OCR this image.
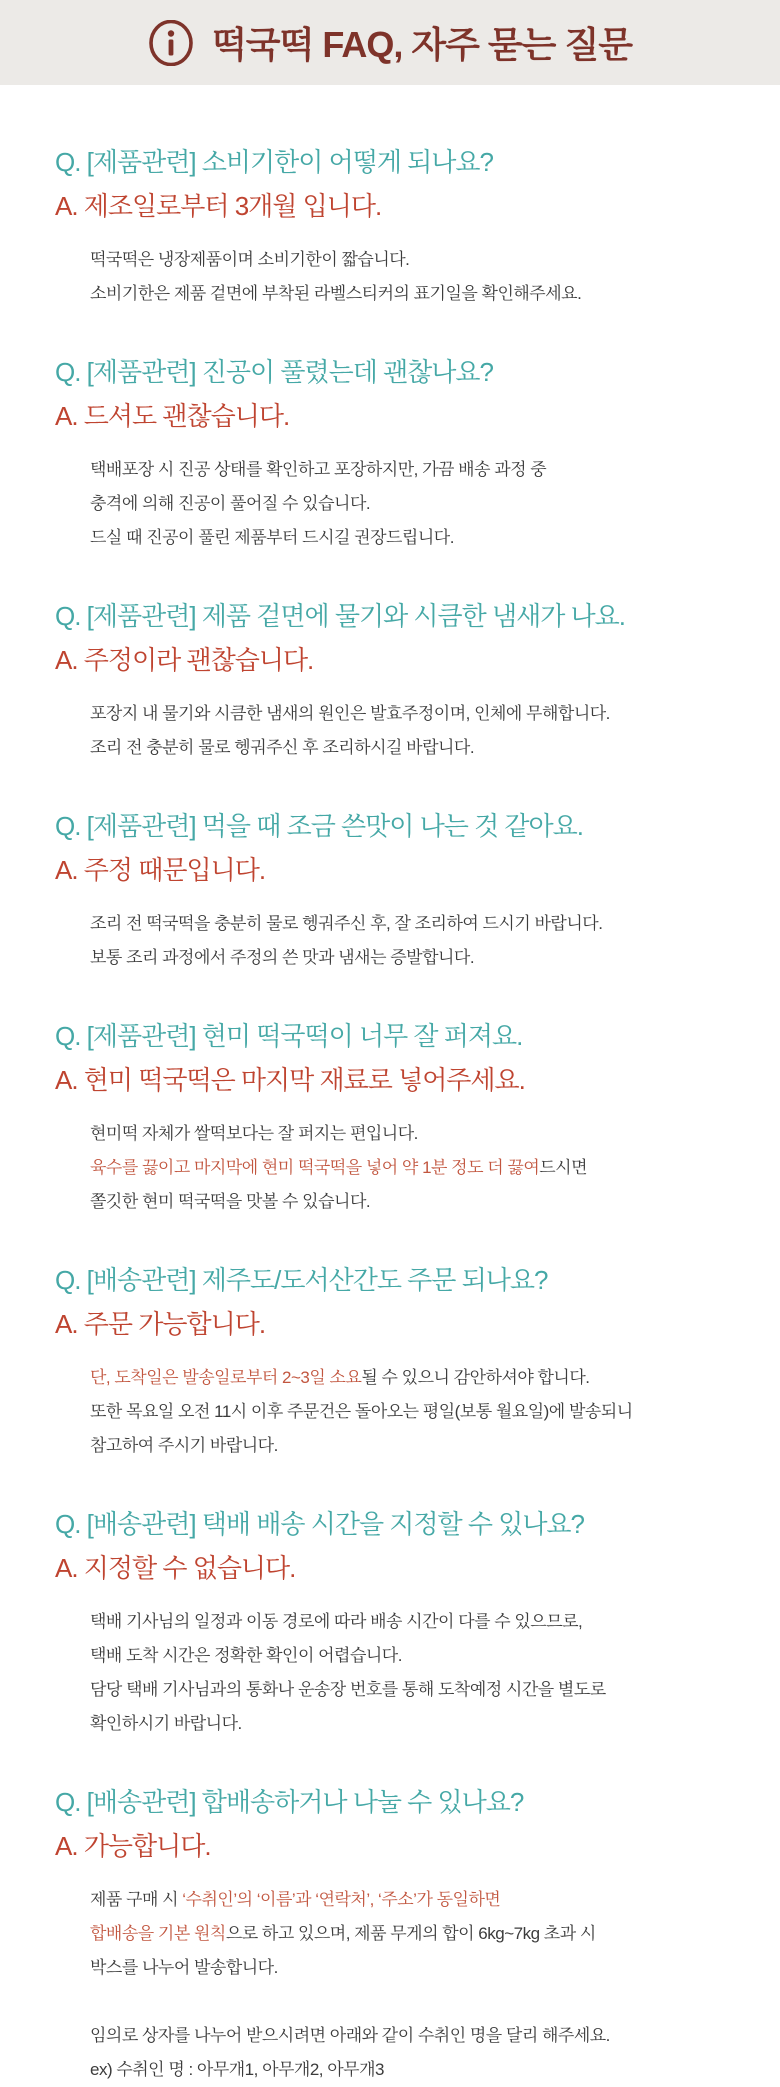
떡국떡 FAQ, 자주 묻는 질문
Q. [제품관련] 소비기한이 어떻게 되나요?
A. 제조일로부터 3개월 입니다.
떡국떡은 냉장제품이며 소비기한이 짧습니다.
소비기한은 제품 겉면에 부착된 라벨스티커의 표기일을 확인해주세요.
Q. [제품관련] 진공이 풀렸는데 괜찮나요?
A. 드셔도 괜찮습니다.
택배포장 시 진공 상태를 확인하고 포장하지만, 가끔 배송 과정 중
충격에 의해 진공이 풀어질 수 있습니다.
드실 때 진공이 풀린 제품부터 드시길 권장드립니다.
Q. [제품관련] 제품 겉면에 물기와 시큼한 냄새가 나요.
A. 주정이라 괜찮습니다.
포장지 내 물기와 시큼한 냄새의 원인은 발효주정이며, 인체에 무해합니다.
조리 전 충분히 물로 헹궈주신 후 조리하시길 바랍니다.
Q. [제품관련] 먹을 때 조금 쓴맛이 나는 것 같아요.
A. 주정 때문입니다.
조리 전 떡국떡을 충분히 물로 헹궈주신 후, 잘 조리하여 드시기 바랍니다.
보통 조리 과정에서 주정의 쓴 맛과 냄새는 증발합니다.
Q. [제품관련] 현미 떡국떡이 너무 잘 퍼져요.
A. 현미 떡국떡은 마지막 재료로 넣어주세요.
현미떡 자체가 쌀떡보다는 잘 퍼지는 편입니다.
육수를 끓이고 마지막에 현미 떡국떡을 넣어 약 1분 정도 더 끓여드시면
쫄깃한 현미 떡국떡을 맛볼 수 있습니다.
Q. [배송관련] 제주도/도서산간도 주문 되나요?
A. 주문 가능합니다.
단, 도착일은 발송일로부터 2~3일 소요될 수 있으니 감안하셔야 합니다.
또한 목요일 오전 11시 이후 주문건은 돌아오는 평일(보통 월요일)에 발송되니
참고하여 주시기 바랍니다.
Q. [배송관련] 택배 배송 시간을 지정할 수 있나요?
A. 지정할 수 없습니다.
택배 기사님의 일정과 이동 경로에 따라 배송 시간이 다를 수 있으므로,
택배 도착 시간은 정확한 확인이 어렵습니다.
담당 택배 기사님과의 통화나 운송장 번호를 통해 도착예정 시간을 별도로
확인하시기 바랍니다.
Q. [배송관련] 합배송하거나 나눌 수 있나요?
A. 가능합니다.
제품 구매 시 ‘수취인’의 ‘이름’과 ‘연락처’, ‘주소’가 동일하면
합배송을 기본 원칙으로 하고 있으며, 제품 무게의 합이 6kg~7kg 초과 시
박스를 나누어 발송합니다.
임의로 상자를 나누어 받으시려면 아래와 같이 수취인 명을 달리 해주세요.
ex) 수취인 명 : 아무개1, 아무개2, 아무개3
